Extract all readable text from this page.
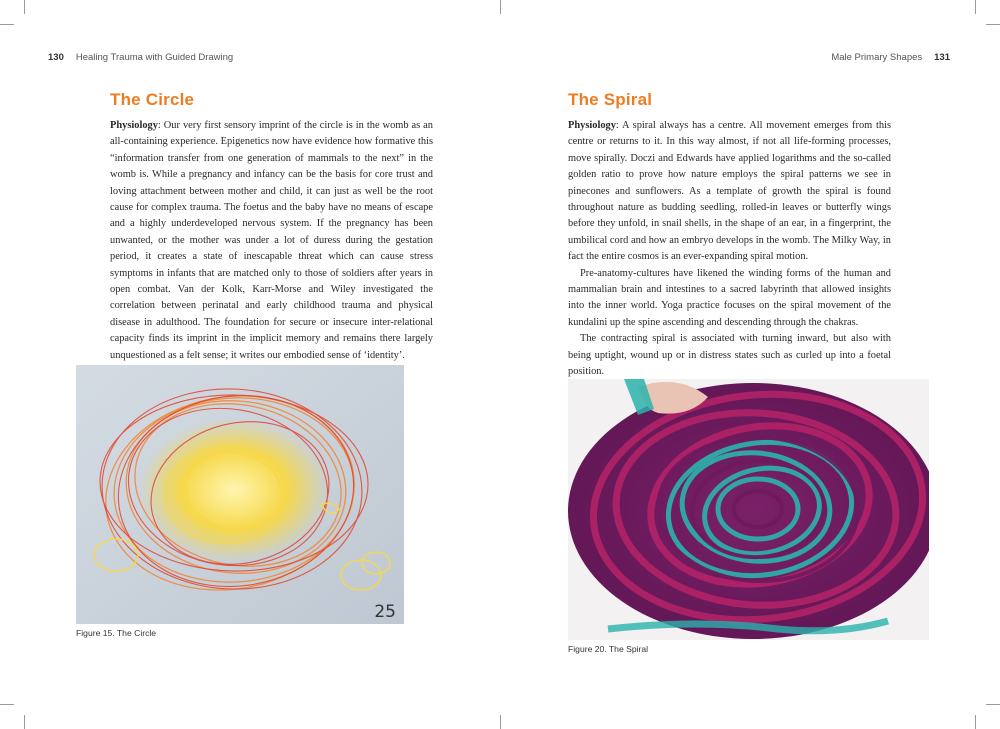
130 Healing Trauma with Guided Drawing
The Circle

Physiology: Our very first sensory imprint of the circle is in the womb as an all-containing experience. Epigenetics now have evidence how formative this “information transfer from one generation of mammals to the next” in the womb is. While a pregnancy and infancy can be the basis for core trust and loving attachment between mother and child, it can just as well be the root cause for complex trauma. The foetus and the baby have no means of escape and a highly underdeveloped nervous system. If the pregnancy has been unwanted, or the mother was under a lot of duress during the gestation period, it creates a state of inescapable threat which can cause stress symptoms in infants that are matched only to those of soldiers after years in open combat. Van der Kolk, Karr-Morse and Wiley investigated the correlation between perinatal and early childhood trauma and physical disease in adulthood. The foundation for secure or insecure inter-relational capacity finds its imprint in the implicit memory and remains there largely unquestioned as a felt sense; it writes our embodied sense of ‘identity’.

25
Figure 15. The Circle
Male Primary Shapes 131
The Spiral

Physiology: A spiral always has a centre. All movement emerges from this centre or returns to it. In this way almost, if not all life-forming processes, move spirally. Doczi and Edwards have applied logarithms and the so-called golden ratio to prove how nature employs the spiral patterns we see in pinecones and sunflowers. As a template of growth the spiral is found throughout nature as budding seedling, rolled-in leaves or butterfly wings before they unfold, in snail shells, in the shape of an ear, in a fingerprint, the umbilical cord and how an embryo develops in the womb. The Milky Way, in fact the entire cosmos is an ever-expanding spiral motion.

Pre-anatomy-cultures have likened the winding forms of the human and mammalian brain and intestines to a sacred labyrinth that allowed insights into the inner world. Yoga practice focuses on the spiral movement of the kundalini up the spine ascending and descending through the chakras.

The contracting spiral is associated with turning inward, but also with being uptight, wound up or in distress states such as curled up into a foetal position.

Figure 20. The Spiral
